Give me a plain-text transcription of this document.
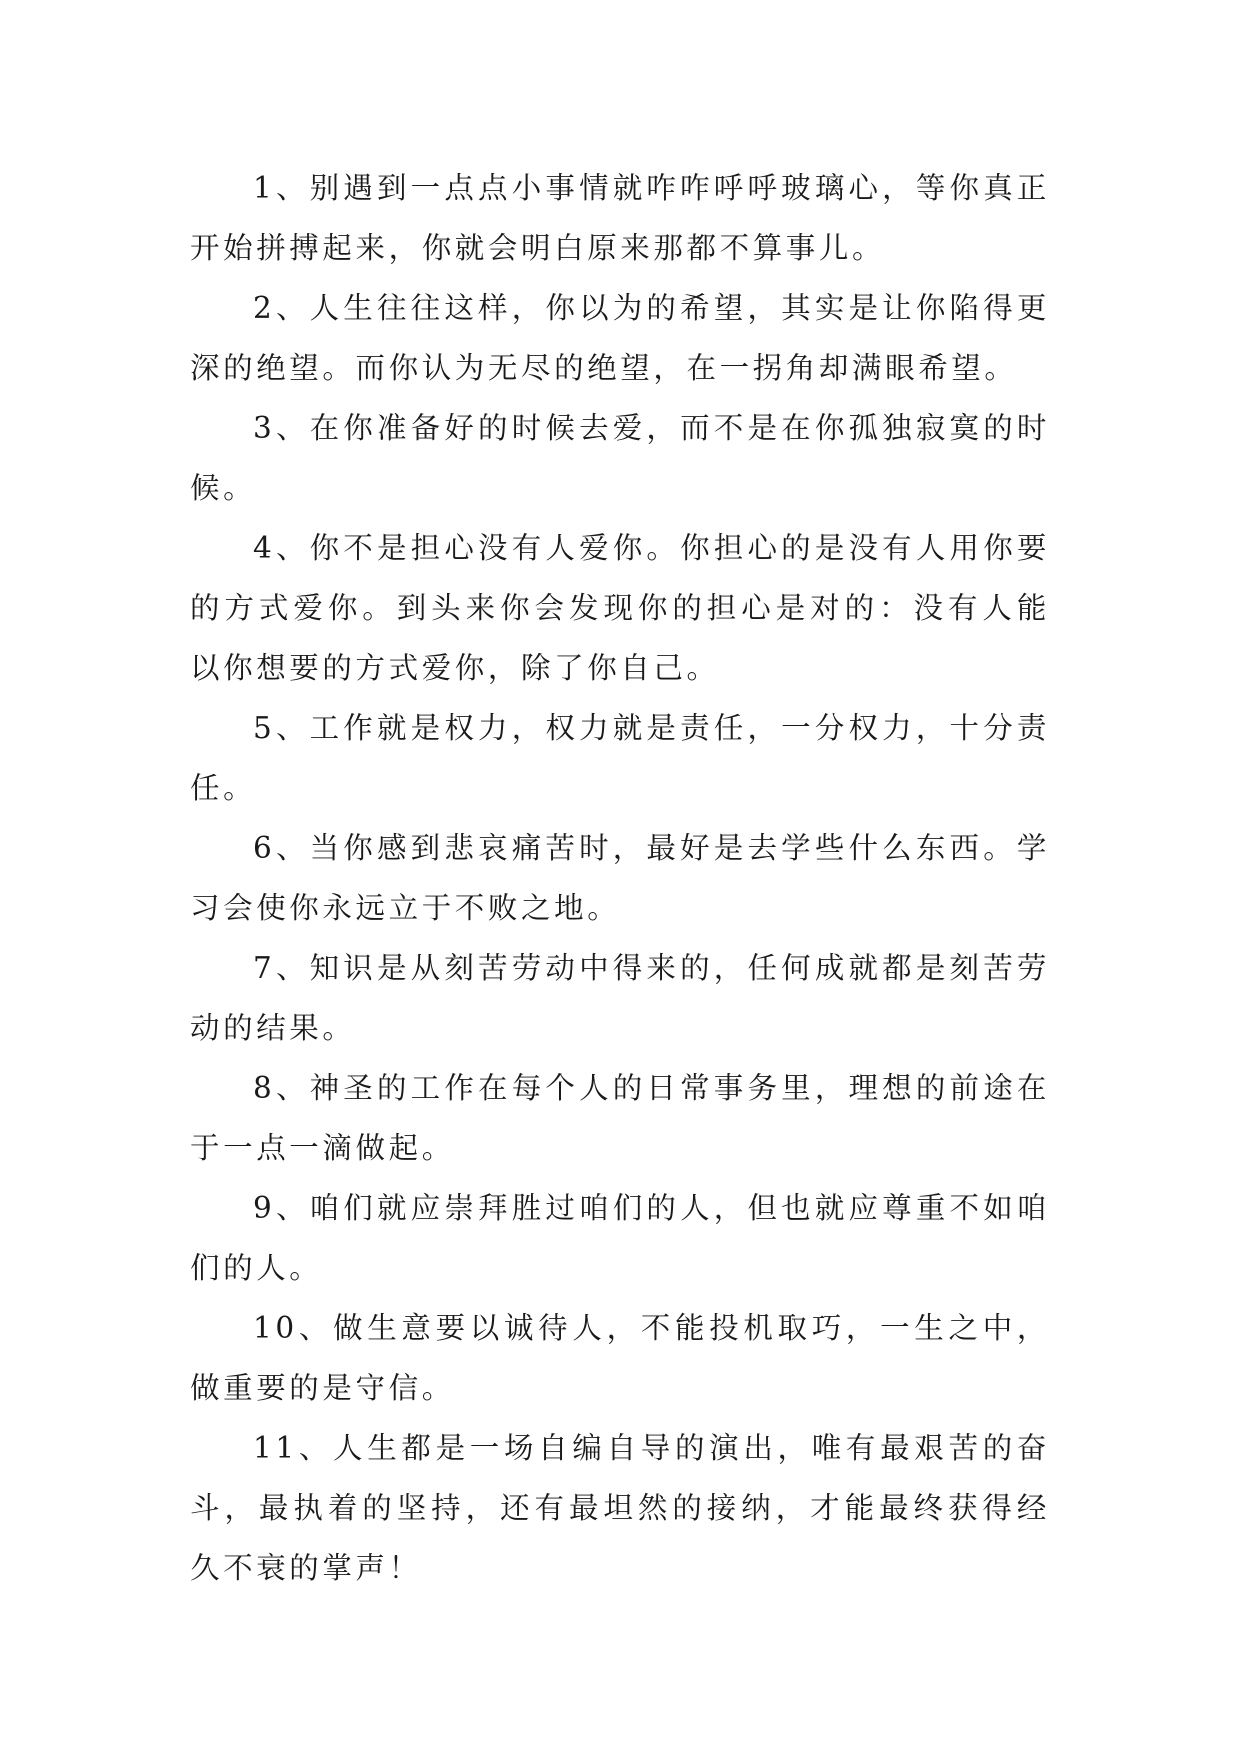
1、别遇到一点点小事情就咋咋呼呼玻璃心，等你真正开始拼搏起来，你就会明白原来那都不算事儿。

2、人生往往这样，你以为的希望，其实是让你陷得更深的绝望。而你认为无尽的绝望，在一拐角却满眼希望。

3、在你准备好的时候去爱，而不是在你孤独寂寞的时候。

4、你不是担心没有人爱你。你担心的是没有人用你要的方式爱你。到头来你会发现你的担心是对的：没有人能以你想要的方式爱你，除了你自己。

5、工作就是权力，权力就是责任，一分权力，十分责任。

6、当你感到悲哀痛苦时，最好是去学些什么东西。学习会使你永远立于不败之地。

7、知识是从刻苦劳动中得来的，任何成就都是刻苦劳动的结果。

8、神圣的工作在每个人的日常事务里，理想的前途在于一点一滴做起。

9、咱们就应崇拜胜过咱们的人，但也就应尊重不如咱们的人。

10、做生意要以诚待人，不能投机取巧，一生之中，做重要的是守信。

11、人生都是一场自编自导的演出，唯有最艰苦的奋斗，最执着的坚持，还有最坦然的接纳，才能最终获得经久不衰的掌声！
